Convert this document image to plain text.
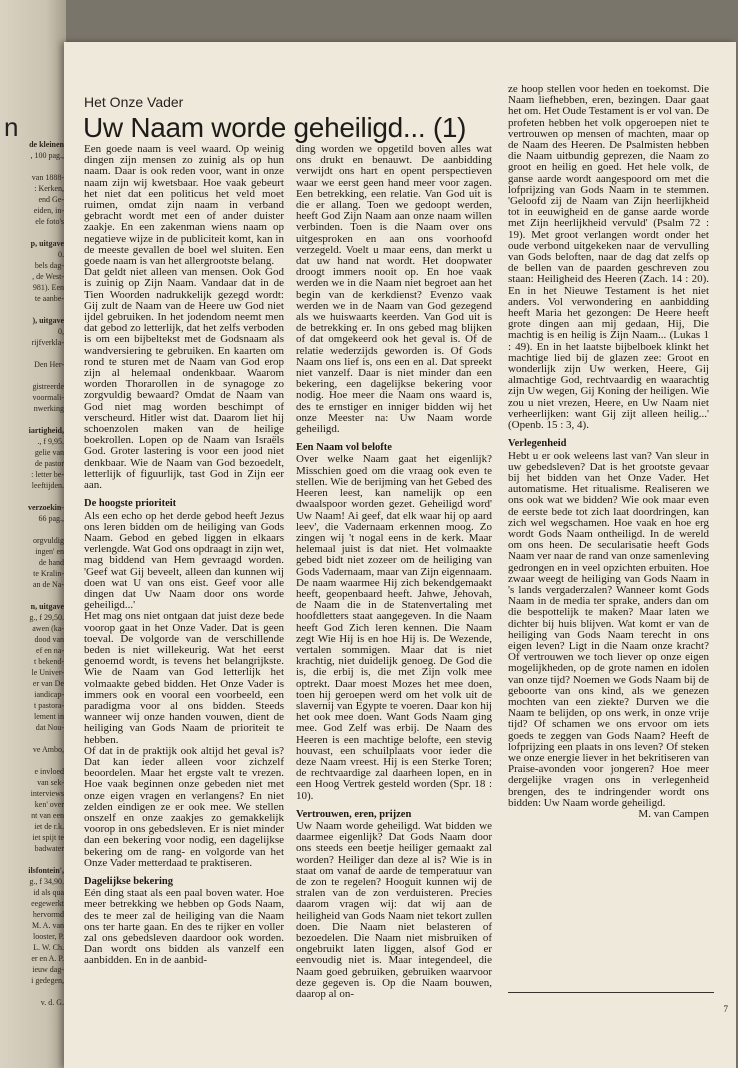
n
de kleinen
, 100 pag.,
van 1888-
: Kerken,
end Ge-
eiden, in-
ele foto's
p, uitgave
0.
bels dag-
, de West-
981). Een
te aanbe-
), uitgave
0,
rijfverkla-
Den Her-
gistreerde
voormali-
nwerking
iartigheid,
., f 9,95.
gelie van
de pastor
: letter be-
leeftijden.
verzoekin-
66 pag.,
orgvuldig
ingen' en
de hand
te Kralin-
an de Na-
n, uitgave
g., f 29,50.
awen (ka-
dood van
ef en na-
t bekend-
le Univer-
er van De
iandicap-
t pastora-
lement in
dat Nou-
ve Ambo,
e invloed
van sek-
interviews
ken' over
nt van een
iet de r.k.
iet spijt te
badwater
ilsfontein',
g., f 34,90.
id als qua
eegewerkt
hervormd
M. A. van
looster, P.
L. W. Ch.
er en A. P.
ieuw dag-
i gedegen,
v. d. G.
Het Onze Vader
Uw Naam worde geheiligd... (1)

Een goede naam is veel waard. Op weinig dingen zijn mensen zo zuinig als op hun naam. Daar is ook reden voor, want in onze naam zijn wij kwetsbaar. Hoe vaak gebeurt het niet dat een politicus het veld moet ruimen, omdat zijn naam in verband gebracht wordt met een of ander duister zaakje. En een zakenman wiens naam op negatieve wijze in de publiciteit komt, kan in de meeste gevallen de boel wel sluiten. Een goede naam is van het allergrootste belang.

Dat geldt niet alleen van mensen. Ook God is zuinig op Zijn Naam. Vandaar dat in de Tien Woorden nadrukkelijk gezegd wordt: Gij zult de Naam van de Heere uw God niet ijdel gebruiken. In het jodendom neemt men dat gebod zo letterlijk, dat het zelfs verboden is om een bijbeltekst met de Godsnaam als wandversiering te gebruiken. En kaarten om rond te sturen met de Naam van God erop zijn al helemaal ondenkbaar. Waarom worden Thorarollen in de synagoge zo zorgvuldig bewaard? Omdat de Naam van God niet mag worden beschimpt of verscheurd. Hitler wist dat. Daarom liet hij schoenzolen maken van de heilige boekrollen. Lopen op de Naam van Israëls God. Groter lastering is voor een jood niet denkbaar. Wie de Naam van God bezoedelt, letterlijk of figuurlijk, tast God in Zijn eer aan.

De hoogste prioriteit

Als een echo op het derde gebod heeft Jezus ons leren bidden om de heiliging van Gods Naam. Gebod en gebed liggen in elkaars verlengde. Wat God ons opdraagt in zijn wet, mag biddend van Hem gevraagd worden. 'Geef wat Gij beveelt, alleen dan kunnen wij doen wat U van ons eist. Geef voor alle dingen dat Uw Naam door ons worde geheiligd...'

Het mag ons niet ontgaan dat juist deze bede voorop gaat in het Onze Vader. Dat is geen toeval. De volgorde van de verschillende beden is niet willekeurig. Wat het eerst genoemd wordt, is tevens het belangrijkste. Wie de Naam van God letterlijk het volmaakte gebed bidden. Het Onze Vader is immers ook en vooral een voorbeeld, een paradigma voor al ons bidden. Steeds wanneer wij onze handen vouwen, dient de heiliging van Gods Naam de prioriteit te hebben.

Of dat in de praktijk ook altijd het geval is? Dat kan ieder alleen voor zichzelf beoordelen. Maar het ergste valt te vrezen. Hoe vaak beginnen onze gebeden niet met onze eigen vragen en verlangens? En niet zelden eindigen ze er ook mee. We stellen onszelf en onze zaakjes zo gemakkelijk voorop in ons gebedsleven. Er is niet minder dan een bekering voor nodig, een dagelijkse bekering om de rang- en volgorde van het Onze Vader metterdaad te praktiseren.

Dagelijkse bekering

Eén ding staat als een paal boven water. Hoe meer betrekking we hebben op Gods Naam, des te meer zal de heiliging van die Naam ons ter harte gaan. En des te rijker en voller zal ons gebedsleven daardoor ook worden. Dan wordt ons bidden als vanzelf een aanbidden. En in de aanbid-

ding worden we opgetild boven alles wat ons drukt en benauwt. De aanbidding verwijdt ons hart en opent perspectieven waar we eerst geen hand meer voor zagen. Een betrekking, een relatie. Van God uit is die er allang. Toen we gedoopt werden, heeft God Zijn Naam aan onze naam willen verbinden. Toen is die Naam over ons uitgesproken en aan ons voorhoofd verzegeld. Voelt u maar eens, dan merkt u dat uw hand nat wordt. Het doopwater droogt immers nooit op. En hoe vaak werden we in die Naam niet begroet aan het begin van de kerkdienst? Evenzo vaak werden we in de Naam van God gezegend als we huiswaarts keerden. Van God uit is de betrekking er. In ons gebed mag blijken of dat omgekeerd ook het geval is. Of de relatie wederzijds geworden is. Of Gods Naam ons lief is, ons een en al. Dat spreekt niet vanzelf. Daar is niet minder dan een bekering, een dagelijkse bekering voor nodig. Hoe meer die Naam ons waard is, des te ernstiger en inniger bidden wij het onze Meester na: Uw Naam worde geheiligd.

Een Naam vol belofte

Over welke Naam gaat het eigenlijk? Misschien goed om die vraag ook even te stellen. Wie de berijming van het Gebed des Heeren leest, kan namelijk op een dwaalspoor worden gezet. Geheiligd word' Uw Naam! Ai geef, dat elk waar hij op aard leev', die Vadernaam erkennen moog. Zo zingen wij 't nogal eens in de kerk. Maar helemaal juist is dat niet. Het volmaakte gebed bidt niet zozeer om de heiliging van Gods Vadernaam, maar van Zijn eigennaam. De naam waarmee Hij zich bekendgemaakt heeft, geopenbaard heeft. Jahwe, Jehovah, de Naam die in de Statenvertaling met hoofdletters staat aangegeven. In die Naam heeft God Zich leren kennen. Die Naam zegt Wie Hij is en hoe Hij is. De Wezende, vertalen sommigen. Maar dat is niet krachtig, niet duidelijk genoeg. De God die is, die erbij is, die met Zijn volk mee optrekt. Daar moest Mozes het mee doen, toen hij geroepen werd om het volk uit de slavernij van Egypte te voeren. Daar kon hij het ook mee doen. Want Gods Naam ging mee. God Zelf was erbij. De Naam des Heeren is een machtige belofte, een stevig houvast, een schuilplaats voor ieder die deze Naam vreest. Hij is een Sterke Toren; de rechtvaardige zal daarheen lopen, en in een Hoog Vertrek gesteld worden (Spr. 18 : 10).

Vertrouwen, eren, prijzen

Uw Naam worde geheiligd. Wat bidden we daarmee eigenlijk? Dat Gods Naam door ons steeds een beetje heiliger gemaakt zal worden? Heiliger dan deze al is? Wie is in staat om vanaf de aarde de temperatuur van de zon te regelen? Hooguit kunnen wij de stralen van de zon verduisteren. Precies daarom vragen wij: dat wij aan de heiligheid van Gods Naam niet tekort zullen doen. Die Naam niet belasteren of bezoedelen. Die Naam niet misbruiken of ongebruikt laten liggen, alsof God er eenvoudig niet is. Maar integendeel, die Naam goed gebruiken, gebruiken waarvoor deze gegeven is. Op die Naam bouwen, daarop al on-

ze hoop stellen voor heden en toekomst. Die Naam liefhebben, eren, bezingen. Daar gaat het om. Het Oude Testament is er vol van. De profeten hebben het volk opgeroepen niet te vertrouwen op mensen of machten, maar op de Naam des Heeren. De Psalmisten hebben die Naam uitbundig geprezen, die Naam zo groot en heilig en goed. Het hele volk, de ganse aarde wordt aangespoord om met die lofprijzing van Gods Naam in te stemmen. 'Geloofd zij de Naam van Zijn heerlijkheid tot in eeuwigheid en de ganse aarde worde met Zijn heerlijkheid vervuld' (Psalm 72 : 19). Met groot verlangen wordt onder het oude verbond uitgekeken naar de vervulling van Gods beloften, naar de dag dat zelfs op de bellen van de paarden geschreven zou staan: Heiligheid des Heeren (Zach. 14 : 20). En in het Nieuwe Testament is het niet anders. Vol verwondering en aanbidding heeft Maria het gezongen: De Heere heeft grote dingen aan mij gedaan, Hij, Die machtig is en heilig is Zijn Naam... (Lukas 1 : 49). En in het laatste bijbelboek klinkt het machtige lied bij de glazen zee: Groot en wonderlijk zijn Uw werken, Heere, Gij almachtige God, rechtvaardig en waarachtig zijn Uw wegen, Gij Koning der heiligen. Wie zou u niet vrezen, Heere, en Uw Naam niet verheerlijken: want Gij zijt alleen heilig...' (Openb. 15 : 3, 4).

Verlegenheid

Hebt u er ook weleens last van? Van sleur in uw gebedsleven? Dat is het grootste gevaar bij het bidden van het Onze Vader. Het automatisme. Het ritualisme. Realiseren we ons ook wat we bidden? Wie ook maar even de eerste bede tot zich laat doordringen, kan zich wel wegschamen. Hoe vaak en hoe erg wordt Gods Naam ontheiligd. In de wereld om ons heen. De secularisatie heeft Gods Naam ver naar de rand van onze samenleving gedrongen en in veel opzichten erbuiten. Hoe zwaar weegt de heiliging van Gods Naam in 's lands vergaderzalen? Wanneer komt Gods Naam in de media ter sprake, anders dan om die bespottelijk te maken? Maar laten we dichter bij huis blijven. Wat komt er van de heiliging van Gods Naam terecht in ons eigen leven? Ligt in die Naam onze kracht? Of vertrouwen we toch liever op onze eigen mogelijkheden, op de grote namen en idolen van onze tijd? Noemen we Gods Naam bij de geboorte van ons kind, als we genezen mochten van een ziekte? Durven we die Naam te belijden, op ons werk, in onze vrije tijd? Of schamen we ons ervoor om iets goeds te zeggen van Gods Naam? Heeft de lofprijzing een plaats in ons leven? Of steken we onze energie liever in het bekritiseren van Praise-avonden voor jongeren? Hoe meer dergelijke vragen ons in verlegenheid brengen, des te indringender wordt ons bidden: Uw Naam worde geheiligd.

M. van Campen

7
